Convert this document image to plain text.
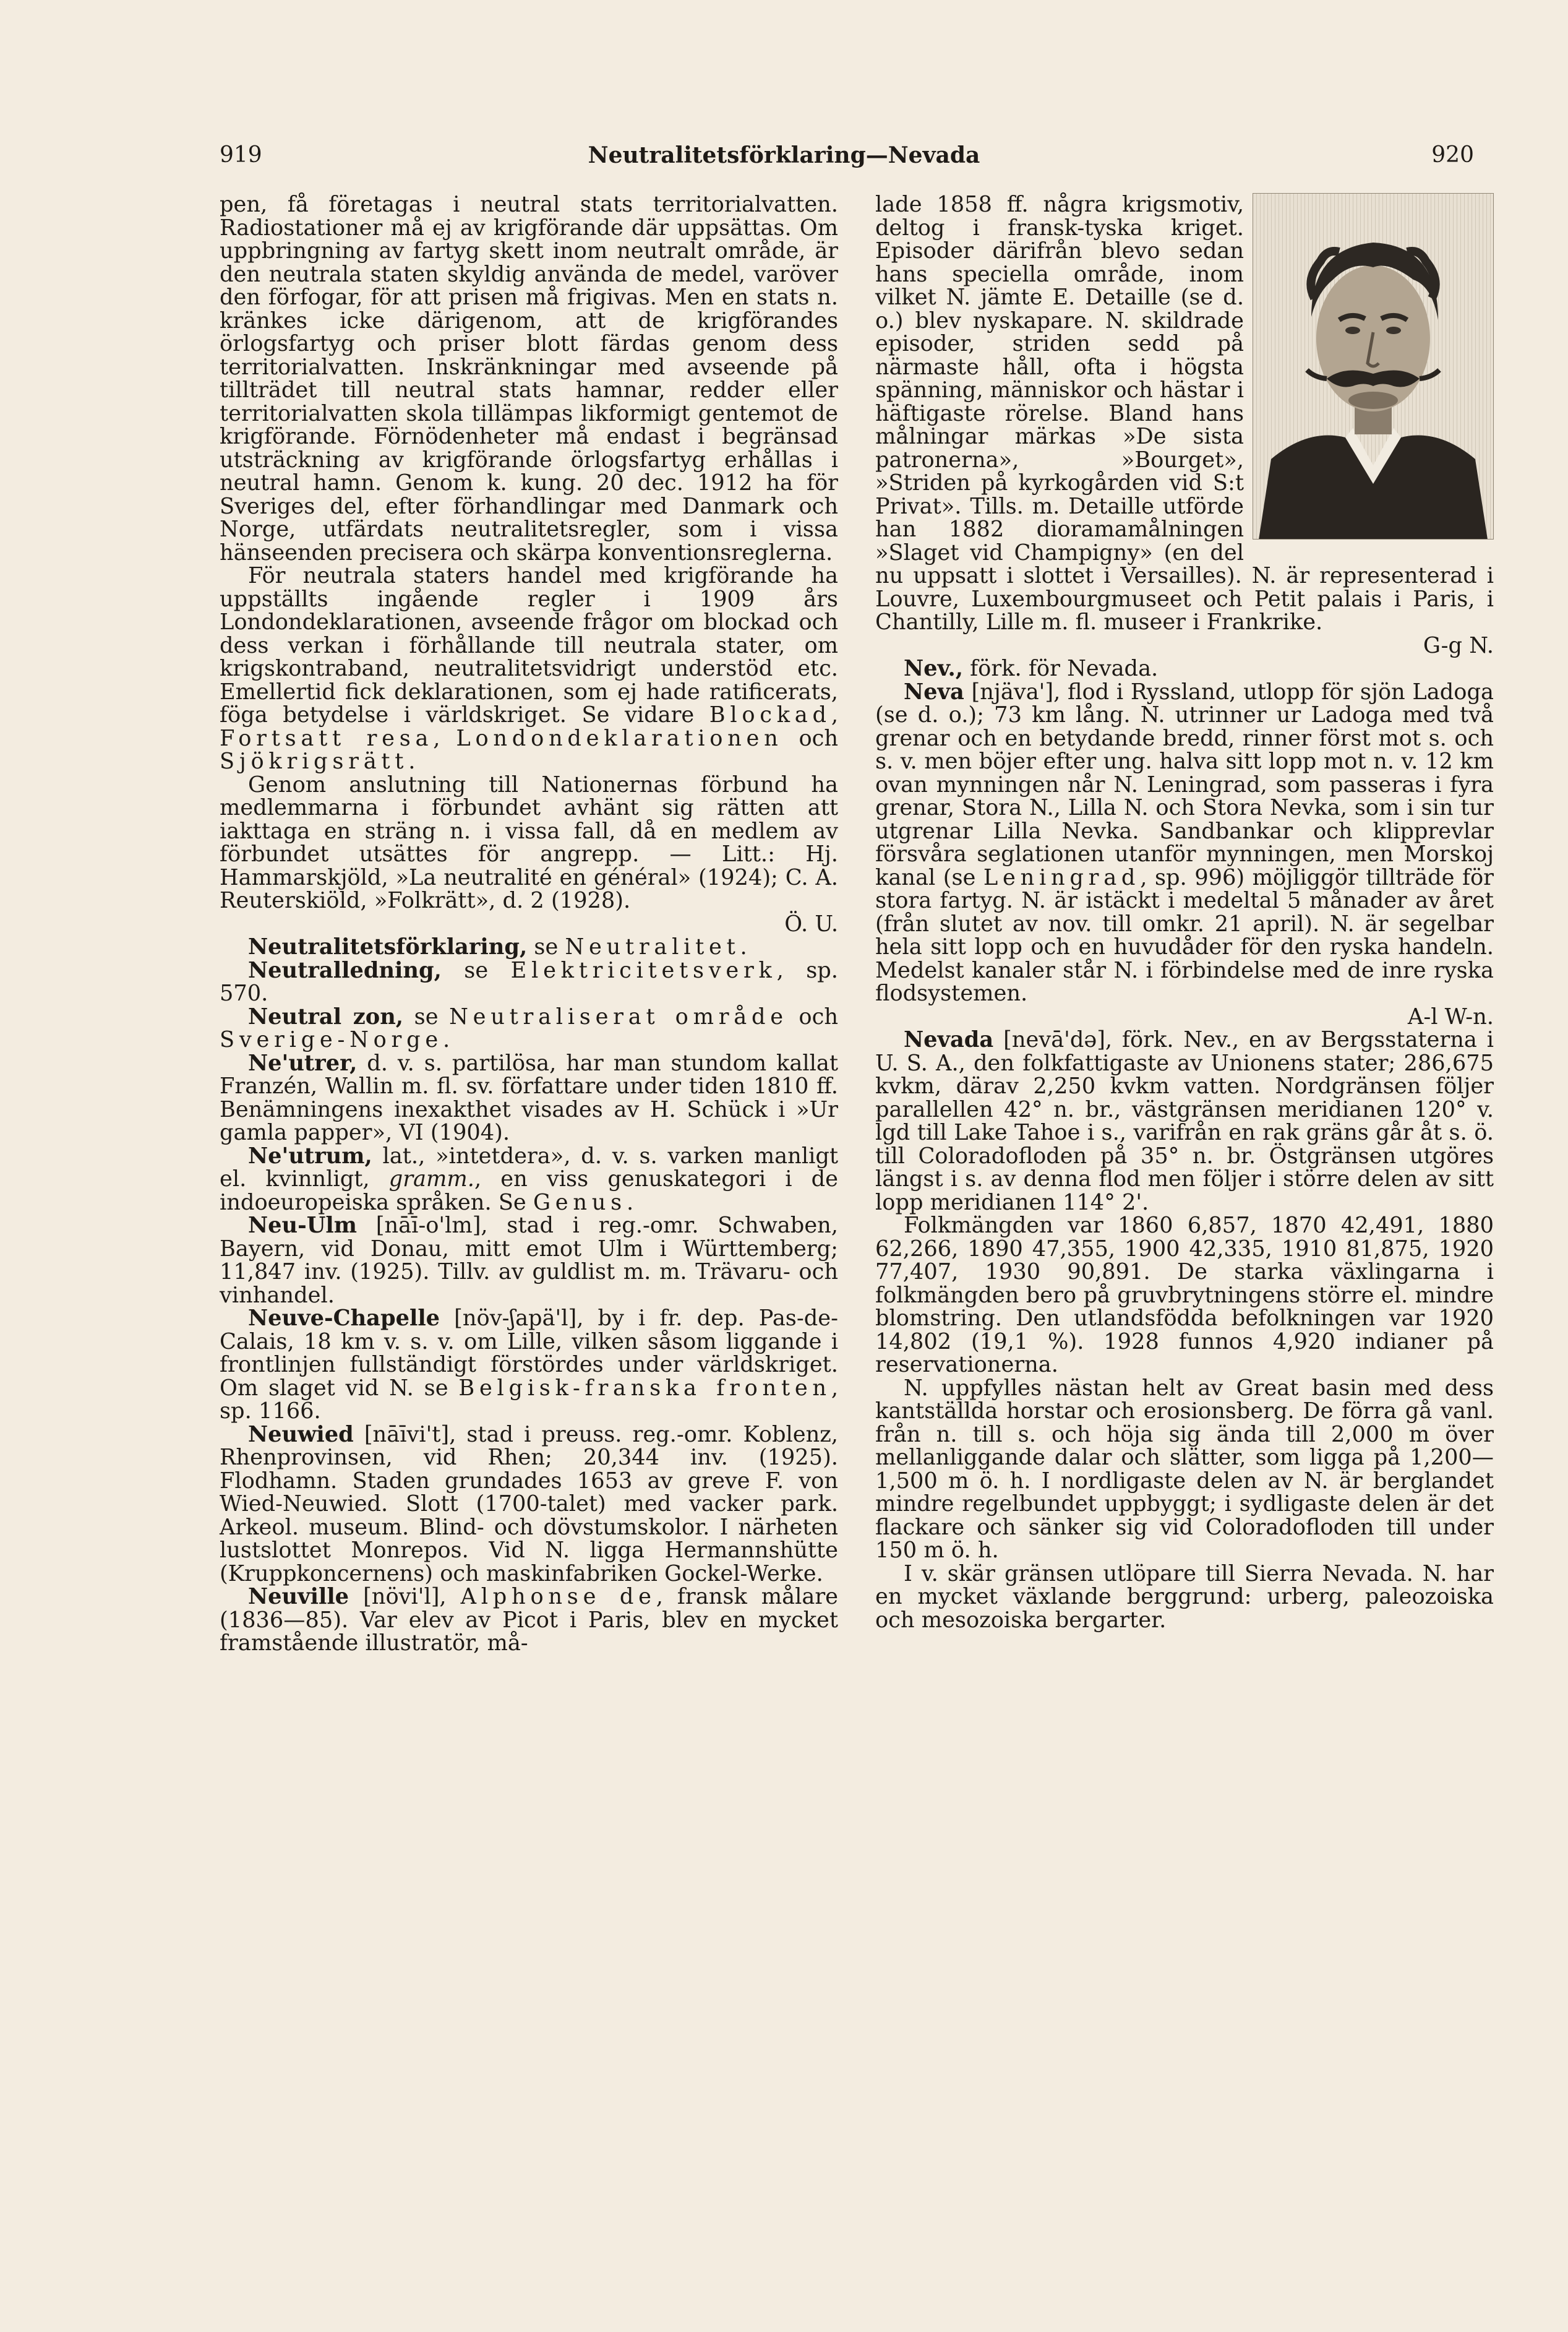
919	Neutralitetsförklaring—Nevada	920

pen, få företagas i neutral stats territorialvatten. Radiostationer må ej av krigförande där uppsättas. Om uppbringning av fartyg skett inom neutralt område, är den neutrala staten skyldig använda de medel, varöver den förfogar, för att prisen må frigivas. Men en stats n. kränkes icke därigenom, att de krigförandes örlogsfartyg och priser blott färdas genom dess territorialvatten. Inskränkningar med avseende på tillträdet till neutral stats hamnar, redder eller territorialvatten skola tillämpas likformigt gentemot de krigförande. Förnödenheter må endast i begränsad utsträckning av krigförande örlogsfartyg erhållas i neutral hamn. Genom k. kung. 20 dec. 1912 ha för Sveriges del, efter förhandlingar med Danmark och Norge, utfärdats neutralitetsregler, som i vissa hänseenden precisera och skärpa konventionsreglerna.

För neutrala staters handel med krigförande ha uppställts ingående regler i 1909 års Londondeklarationen, avseende frågor om blockad och dess verkan i förhållande till neutrala stater, om krigskontraband, neutralitetsvidrigt understöd etc. Emellertid fick deklarationen, som ej hade ratificerats, föga betydelse i världskriget. Se vidare Blockad, Fortsatt resa, Londondeklarationen och Sjökrigsrätt.

Genom anslutning till Nationernas förbund ha medlemmarna i förbundet avhänt sig rätten att iakttaga en sträng n. i vissa fall, då en medlem av förbundet utsättes för angrepp. — Litt.: Hj. Hammarskjöld, »La neutralité en général» (1924); C. A. Reuterskiöld, »Folkrätt», d. 2 (1928).
Ö. U.

Neutralitetsförklaring, se Neutralitet.

Neutralledning, se Elektricitetsverk, sp. 570.

Neutral zon, se Neutraliserat område och Sverige-Norge.

Ne'utrer, d. v. s. partilösa, har man stundom kallat Franzén, Wallin m. fl. sv. författare under tiden 1810 ff. Benämningens inexakthet visades av H. Schück i »Ur gamla papper», VI (1904).

Ne'utrum, lat., »intetdera», d. v. s. varken manligt el. kvinnligt, gramm., en viss genuskategori i de indoeuropeiska språken. Se Genus.

Neu-Ulm [nāī-o'lm], stad i reg.-omr. Schwaben, Bayern, vid Donau, mitt emot Ulm i Württemberg; 11,847 inv. (1925). Tillv. av guldlist m. m. Trävaru- och vinhandel.

Neuve-Chapelle [növ-ʃapä'l], by i fr. dep. Pas-de-Calais, 18 km v. s. v. om Lille, vilken såsom liggande i frontlinjen fullständigt förstördes under världskriget. Om slaget vid N. se Belgisk-franska fronten, sp. 1166.

Neuwied [nāīvi't], stad i preuss. reg.-omr. Koblenz, Rhenprovinsen, vid Rhen; 20,344 inv. (1925). Flodhamn. Staden grundades 1653 av greve F. von Wied-Neuwied. Slott (1700-talet) med vacker park. Arkeol. museum. Blind- och dövstumskolor. I närheten lustslottet Monrepos. Vid N. ligga Hermannshütte (Kruppkoncernens) och maskinfabriken Gockel-Werke.

Neuville [növi'l], Alphonse de, fransk målare (1836—85). Var elev av Picot i Paris, blev en mycket framstående illustratör, må-

lade 1858 ff. några krigsmotiv, deltog i fransk-tyska kriget. Episoder därifrån blevo sedan hans speciella område, inom vilket N. jämte E. Detaille (se d. o.) blev nyskapare. N. skildrade episoder, striden sedd på närmaste håll, ofta i högsta spänning, människor och hästar i häftigaste rörelse. Bland hans målningar märkas »De sista patronerna», »Bourget», »Striden på kyrkogården vid S:t Privat». Tills. m. Detaille utförde han 1882 dioramamålningen »Slaget vid Champigny» (en del nu uppsatt i slottet i Versailles). N. är representerad i Louvre, Luxembourgmuseet och Petit palais i Paris, i Chantilly, Lille m. fl. museer i Frankrike.
G-g N.

Nev., förk. för Nevada.

Neva [njäva'], flod i Ryssland, utlopp för sjön Ladoga (se d. o.); 73 km lång. N. utrinner ur Ladoga med två grenar och en betydande bredd, rinner först mot s. och s. v. men böjer efter ung. halva sitt lopp mot n. v. 12 km ovan mynningen når N. Leningrad, som passeras i fyra grenar, Stora N., Lilla N. och Stora Nevka, som i sin tur utgrenar Lilla Nevka. Sandbankar och klipprevlar försvåra seglationen utanför mynningen, men Morskoj kanal (se Leningrad, sp. 996) möjliggör tillträde för stora fartyg. N. är istäckt i medeltal 5 månader av året (från slutet av nov. till omkr. 21 april). N. är segelbar hela sitt lopp och en huvudåder för den ryska handeln. Medelst kanaler står N. i förbindelse med de inre ryska flodsystemen.
A-l W-n.

Nevada [nevā'də], förk. Nev., en av Bergsstaterna i U. S. A., den folkfattigaste av Unionens stater; 286,675 kvkm, därav 2,250 kvkm vatten. Nordgränsen följer parallellen 42° n. br., västgränsen meridianen 120° v. lgd till Lake Tahoe i s., varifrån en rak gräns går åt s. ö. till Coloradofloden på 35° n. br. Östgränsen utgöres längst i s. av denna flod men följer i större delen av sitt lopp meridianen 114° 2'.

Folkmängden var 1860 6,857, 1870 42,491, 1880 62,266, 1890 47,355, 1900 42,335, 1910 81,875, 1920 77,407, 1930 90,891. De starka växlingarna i folkmängden bero på gruvbrytningens större el. mindre blomstring. Den utlandsfödda befolkningen var 1920 14,802 (19,1 %). 1928 funnos 4,920 indianer på reservationerna.

N. uppfylles nästan helt av Great basin med dess kantställda horstar och erosionsberg. De förra gå vanl. från n. till s. och höja sig ända till 2,000 m över mellanliggande dalar och slätter, som ligga på 1,200—1,500 m ö. h. I nordligaste delen av N. är berglandet mindre regelbundet uppbyggt; i sydligaste delen är det flackare och sänker sig vid Coloradofloden till under 150 m ö. h.

I v. skär gränsen utlöpare till Sierra Nevada. N. har en mycket växlande berggrund: urberg, paleozoiska och mesozoiska bergarter.
